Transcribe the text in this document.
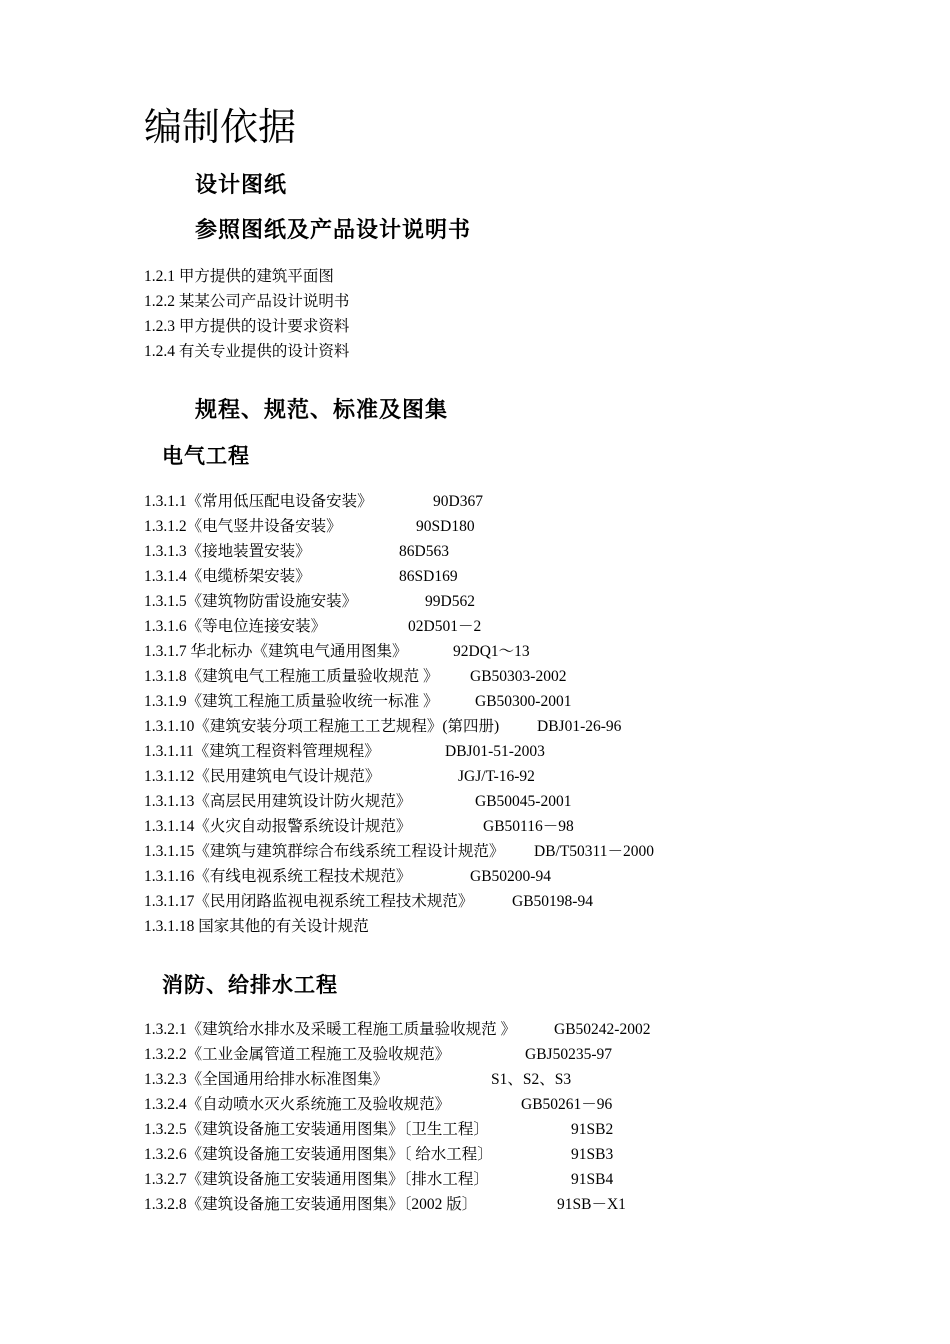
编制依据
设计图纸
参照图纸及产品设计说明书
1.2.1 甲方提供的建筑平面图
1.2.2 某某公司产品设计说明书
1.2.3 甲方提供的设计要求资料
1.2.4 有关专业提供的设计资料
规程、规范、标准及图集
电气工程
1.3.1.1《常用低压配电设备安装》	90D367
1.3.1.2《电气竖井设备安装》	90SD180
1.3.1.3《接地装置安装》	86D563
1.3.1.4《电缆桥架安装》	86SD169
1.3.1.5《建筑物防雷设施安装》	99D562
1.3.1.6《等电位连接安装》	02D501－2
1.3.1.7 华北标办《建筑电气通用图集》	92DQ1～13
1.3.1.8《建筑电气工程施工质量验收规范 》 GB50303-2002
1.3.1.9《建筑工程施工质量验收统一标准 》 GB50300-2001
1.3.1.10《建筑安装分项工程施工工艺规程》(第四册) DBJ01-26-96
1.3.1.11《建筑工程资料管理规程》	DBJ01-51-2003
1.3.1.12《民用建筑电气设计规范》	JGJ/T-16-92
1.3.1.13《高层民用建筑设计防火规范》	GB50045-2001
1.3.1.14《火灾自动报警系统设计规范》	GB50116－98
1.3.1.15《建筑与建筑群综合布线系统工程设计规范》 DB/T50311－2000
1.3.1.16《有线电视系统工程技术规范》	GB50200-94
1.3.1.17《民用闭路监视电视系统工程技术规范》 GB50198-94
1.3.1.18 国家其他的有关设计规范
消防、给排水工程
1.3.2.1《建筑给水排水及采暖工程施工质量验收规范 》 GB50242-2002
1.3.2.2《工业金属管道工程施工及验收规范》	GBJ50235-97
1.3.2.3《全国通用给排水标准图集》	S1、S2、S3
1.3.2.4《自动喷水灭火系统施工及验收规范》	GB50261－96
1.3.2.5《建筑设备施工安装通用图集》〔卫生工程〕	91SB2
1.3.2.6《建筑设备施工安装通用图集》〔 给水工程〕	91SB3
1.3.2.7《建筑设备施工安装通用图集》〔排水工程〕	91SB4
1.3.2.8《建筑设备施工安装通用图集》〔2002 版〕	91SB－X1
